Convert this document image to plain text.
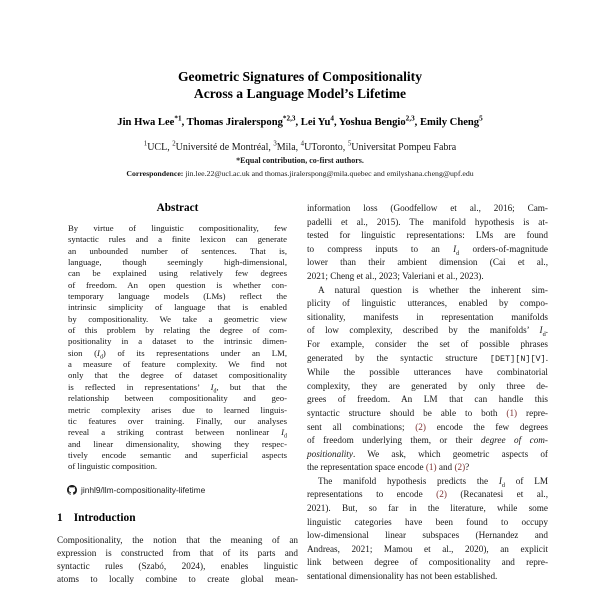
Geometric Signatures of Compositionality
Across a Language Model’s Lifetime
Jin Hwa Lee$^{*1}$, Thomas Jiralerspong$^{*2,3}$, Lei Yu$^4$, Yoshua Bengio$^{2,3}$, Emily Cheng$^5$
$^1$UCL, $^2$Université de Montréal, $^3$Mila, $^4$UToronto, $^5$Universitat Pompeu Fabra
*Equal contribution, co-first authors.
Correspondence: jin.lee.22@ucl.ac.uk and thomas.jiralerspong@mila.quebec and emilyshana.cheng@upf.edu
Abstract
By virtue of linguistic compositionality, few
syntactic rules and a finite lexicon can generate
an unbounded number of sentences. That is,
language, though seemingly high-dimensional,
can be explained using relatively few degrees
of freedom. An open question is whether con-
temporary language models (LMs) reflect the
intrinsic simplicity of language that is enabled
by compositionality. We take a geometric view
of this problem by relating the degree of com-
positionality in a dataset to the intrinsic dimen-
sion $(I_d)$ of its representations under an LM,
a measure of feature complexity. We find not
only that the degree of dataset compositionality
is reflected in representations’ $I_d$, but that the
relationship between compositionality and geo-
metric complexity arises due to learned linguis-
tic features over training. Finally, our analyses
reveal a striking contrast between nonlinear $I_d$
and linear dimensionality, showing they respec-
tively encode semantic and superficial aspects
of linguistic composition.
jinhl9/llm-compositionality-lifetime
1 Introduction
Compositionality, the notion that the meaning of an
expression is constructed from that of its parts and
syntactic rules (Szabó, 2024), enables linguistic
atoms to locally combine to create global mean-
information loss (Goodfellow et al., 2016; Cam-
padelli et al., 2015). The manifold hypothesis is at-
tested for linguistic representations: LMs are found
to compress inputs to an $I_d$ orders-of-magnitude
lower than their ambient dimension (Cai et al.,
2021; Cheng et al., 2023; Valeriani et al., 2023).
A natural question is whether the inherent sim-
plicity of linguistic utterances, enabled by compo-
sitionality, manifests in representation manifolds
of low complexity, described by the manifolds’ $I_d$.
For example, consider the set of possible phrases
generated by the syntactic structure [DET][N][V].
While the possible utterances have combinatorial
complexity, they are generated by only three de-
grees of freedom. An LM that can handle this
syntactic structure should be able to both (1) repre-
sent all combinations; (2) encode the few degrees
of freedom underlying them, or their degree of com-
positionality. We ask, which geometric aspects of
the representation space encode (1) and (2)?
The manifold hypothesis predicts the $I_d$ of LM
representations to encode (2) (Recanatesi et al.,
2021). But, so far in the literature, while some
linguistic categories have been found to occupy
low-dimensional linear subspaces (Hernandez and
Andreas, 2021; Mamou et al., 2020), an explicit
link between degree of compositionality and repre-
sentational dimensionality has not been established.
